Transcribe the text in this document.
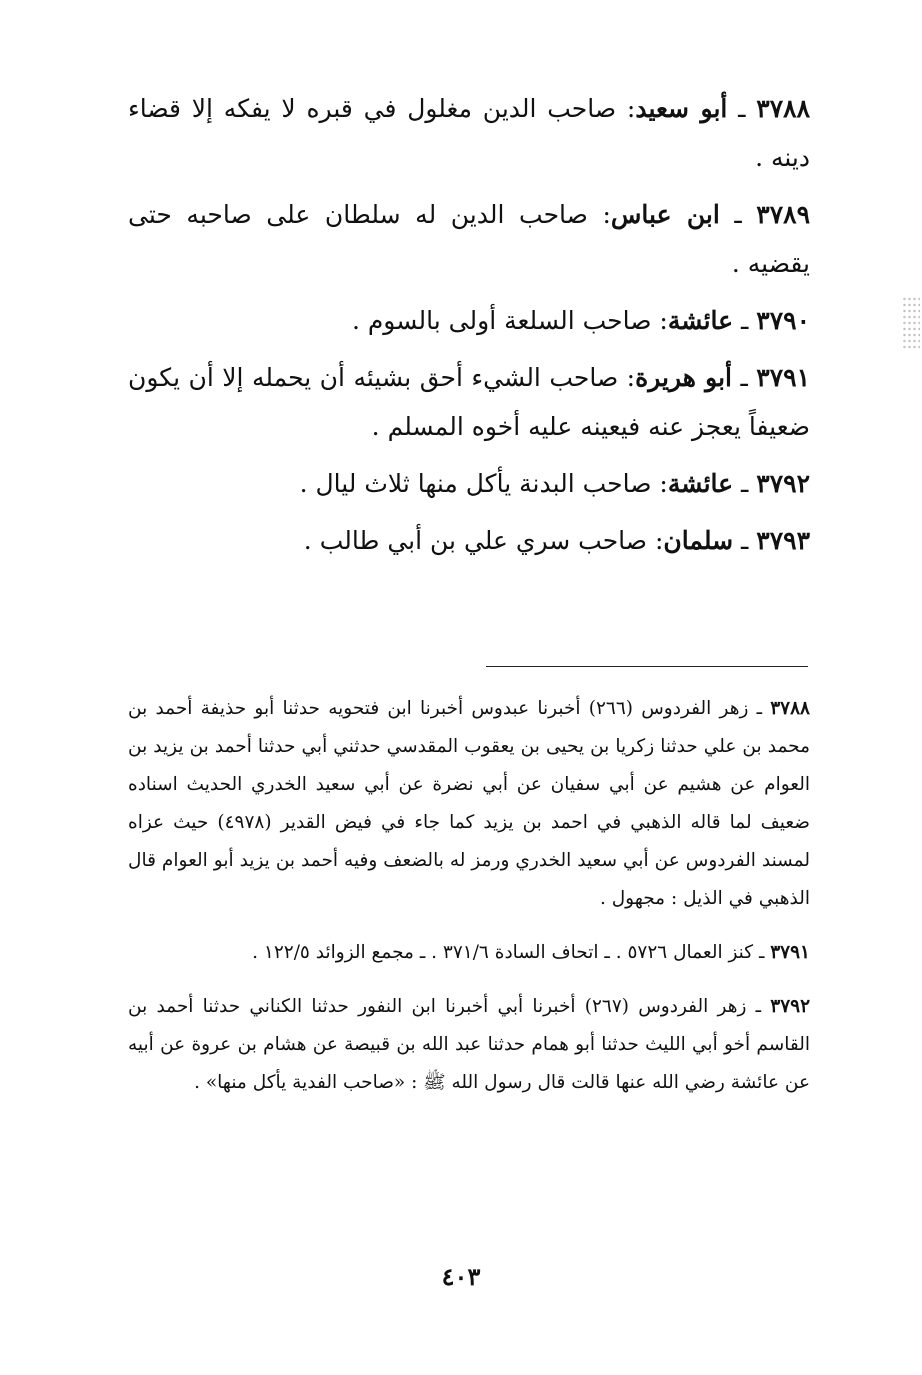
٣٧٨٨ ـ أبو سعيد: صاحب الدين مغلول في قبره لا يفكه إلا قضاء دينه .

٣٧٨٩ ـ ابن عباس: صاحب الدين له سلطان على صاحبه حتى يقضيه .

٣٧٩٠ ـ عائشة: صاحب السلعة أولى بالسوم .

٣٧٩١ ـ أبو هريرة: صاحب الشيء أحق بشيئه أن يحمله إلا أن يكون ضعيفاً يعجز عنه فيعينه عليه أخوه المسلم .

٣٧٩٢ ـ عائشة: صاحب البدنة يأكل منها ثلاث ليال .

٣٧٩٣ ـ سلمان: صاحب سري علي بن أبي طالب .

٣٧٨٨ ـ زهر الفردوس (٢٦٦) أخبرنا عبدوس أخبرنا ابن فتحويه حدثنا أبو حذيفة أحمد بن محمد بن علي حدثنا زكريا بن يحيى بن يعقوب المقدسي حدثني أبي حدثنا أحمد بن يزيد بن العوام عن هشيم عن أبي سفيان عن أبي نضرة عن أبي سعيد الخدري الحديث اسناده ضعيف لما قاله الذهبي في احمد بن يزيد كما جاء في فيض القدير (٤٩٧٨) حيث عزاه لمسند الفردوس عن أبي سعيد الخدري ورمز له بالضعف وفيه أحمد بن يزيد أبو العوام قال الذهبي في الذيل : مجهول .

٣٧٩١ ـ كنز العمال ٥٧٢٦ . ـ اتحاف السادة ٣٧١/٦ . ـ مجمع الزوائد ١٢٢/٥ .

٣٧٩٢ ـ زهر الفردوس (٢٦٧) أخبرنا أبي أخبرنا ابن النفور حدثنا الكناني حدثنا أحمد بن القاسم أخو أبي الليث حدثنا أبو همام حدثنا عبد الله بن قبيصة عن هشام بن عروة عن أبيه عن عائشة رضي الله عنها قالت قال رسول الله ﷺ : «صاحب الفدية يأكل منها» .

٤٠٣
